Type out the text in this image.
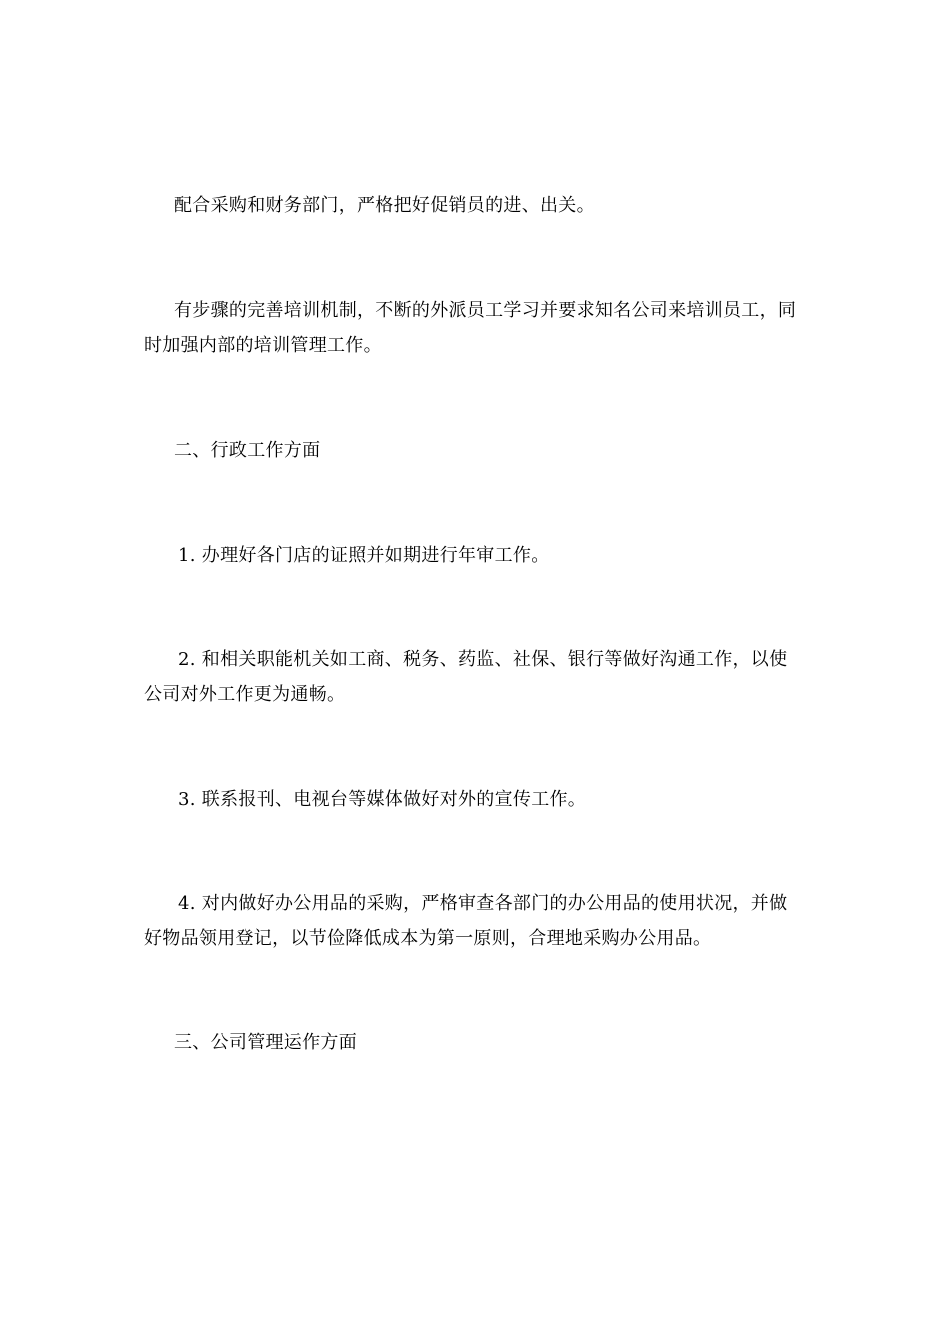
配合采购和财务部门，严格把好促销员的进、出关。

有步骤的完善培训机制，不断的外派员工学习并要求知名公司来培训员工，同时加强内部的培训管理工作。

二、行政工作方面

1. 办理好各门店的证照并如期进行年审工作。

2. 和相关职能机关如工商、税务、药监、社保、银行等做好沟通工作，以使公司对外工作更为通畅。

3. 联系报刊、电视台等媒体做好对外的宣传工作。

4. 对内做好办公用品的采购，严格审查各部门的办公用品的使用状况，并做好物品领用登记，以节俭降低成本为第一原则，合理地采购办公用品。

三、公司管理运作方面
